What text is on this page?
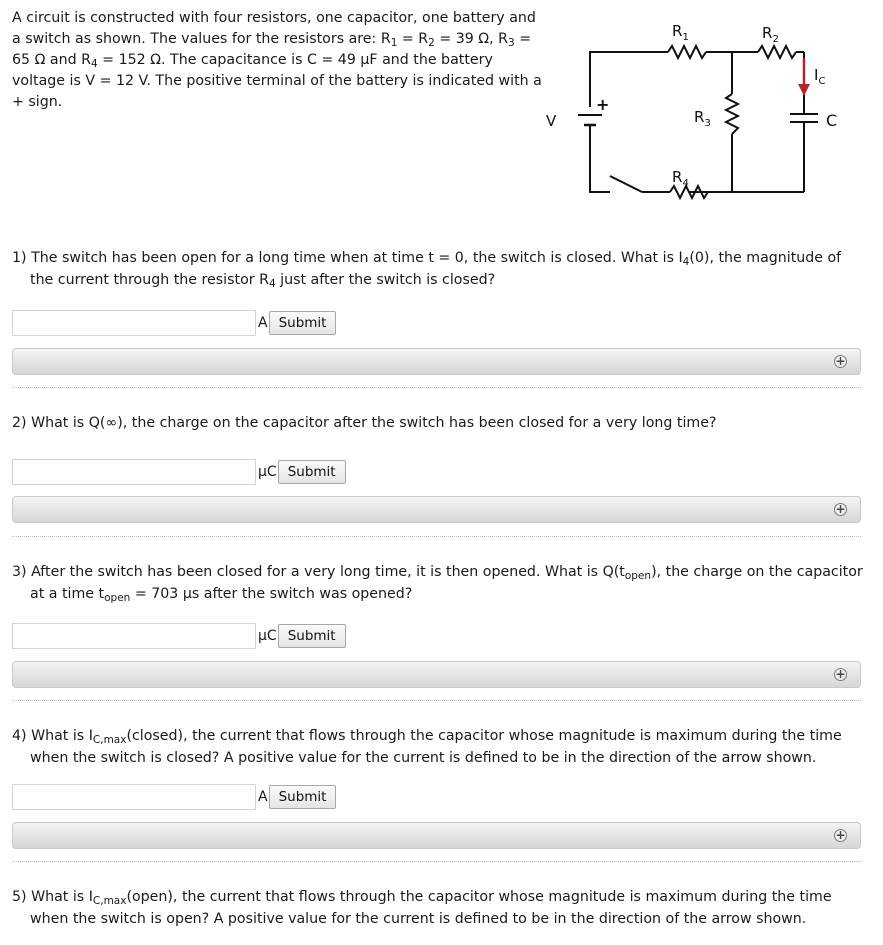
A circuit is constructed with four resistors, one capacitor, one battery and a switch as shown. The values for the resistors are: $R_1 = R_2 = 39$ Ω, $R_3 = 65$ Ω and $R_4 = 152$ Ω. The capacitance is C = 49 μF and the battery voltage is V = 12 V. The positive terminal of the battery is indicated with a + sign.
$R_1$	$R_2$
$R_3$
$R_4$
$I_C$
V
+
C
1) The switch has been open for a long time when at time t = 0, the switch is closed. What is $I_4(0)$, the magnitude of the current through the resistor $R_4$ just after the switch is closed?
A Submit
+
2) What is Q(∞), the charge on the capacitor after the switch has been closed for a very long time?
μC Submit
+
3) After the switch has been closed for a very long time, it is then opened. What is $Q(t_{open})$, the charge on the capacitor at a time $t_{open} = 703$ μs after the switch was opened?
μC Submit
+
4) What is $I_{C,max}(closed)$, the current that flows through the capacitor whose magnitude is maximum during the time when the switch is closed? A positive value for the current is defined to be in the direction of the arrow shown.
A Submit
+
5) What is $I_{C,max}(open)$, the current that flows through the capacitor whose magnitude is maximum during the time when the switch is open? A positive value for the current is defined to be in the direction of the arrow shown.
